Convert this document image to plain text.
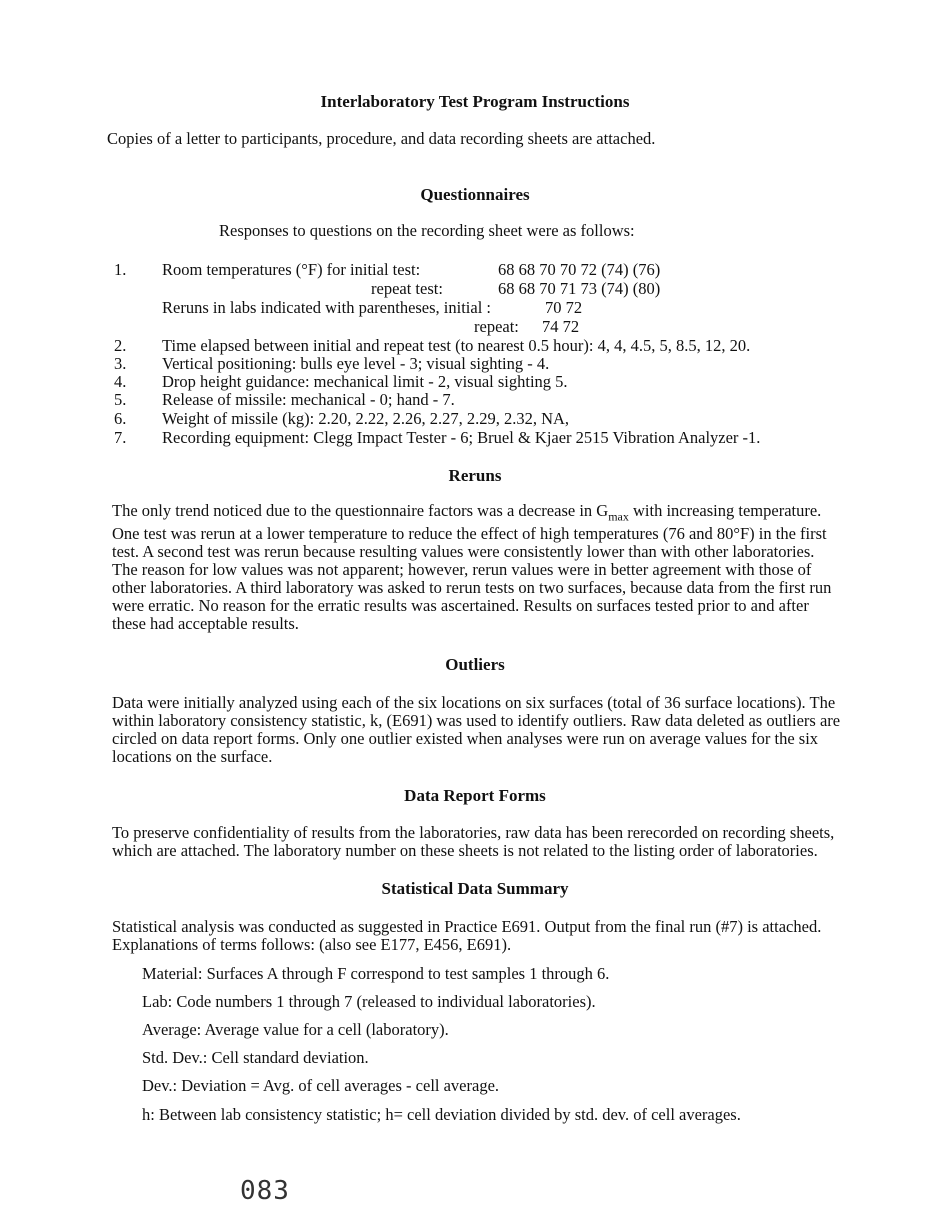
Interlaboratory Test Program Instructions
Copies of a letter to participants, procedure, and data recording sheets are attached.
Questionnaires
Responses to questions on the recording sheet were as follows:
1. Room temperatures (°F) for initial test:	68 68 70 70 72 (74) (76)
repeat test:	68 68 70 71 73 (74) (80)
Reruns in labs indicated with parentheses, initial :	70 72
repeat: 74 72
2. Time elapsed between initial and repeat test (to nearest 0.5 hour): 4, 4, 4.5, 5, 8.5, 12, 20.
3. Vertical positioning: bulls eye level - 3; visual sighting - 4.
4. Drop height guidance: mechanical limit - 2, visual sighting 5.
5. Release of missile: mechanical - 0; hand - 7.
6. Weight of missile (kg): 2.20, 2.22, 2.26, 2.27, 2.29, 2.32, NA,
7. Recording equipment: Clegg Impact Tester - 6; Bruel & Kjaer 2515 Vibration Analyzer -1.
Reruns
The only trend noticed due to the questionnaire factors was a decrease in $G_{max}$ with increasing temperature. One test was rerun at a lower temperature to reduce the effect of high temperatures (76 and 80°F) in the first test. A second test was rerun because resulting values were consistently lower than with other laboratories. The reason for low values was not apparent; however, rerun values were in better agreement with those of other laboratories. A third laboratory was asked to rerun tests on two surfaces, because data from the first run were erratic. No reason for the erratic results was ascertained. Results on surfaces tested prior to and after these had acceptable results.
Outliers
Data were initially analyzed using each of the six locations on six surfaces (total of 36 surface locations). The within laboratory consistency statistic, k, (E691) was used to identify outliers. Raw data deleted as outliers are circled on data report forms. Only one outlier existed when analyses were run on average values for the six locations on the surface.
Data Report Forms
To preserve confidentiality of results from the laboratories, raw data has been rerecorded on recording sheets, which are attached. The laboratory number on these sheets is not related to the listing order of laboratories.
Statistical Data Summary
Statistical analysis was conducted as suggested in Practice E691. Output from the final run (#7) is attached. Explanations of terms follows: (also see E177, E456, E691).
Material: Surfaces A through F correspond to test samples 1 through 6.
Lab: Code numbers 1 through 7 (released to individual laboratories).
Average: Average value for a cell (laboratory).
Std. Dev.: Cell standard deviation.
Dev.: Deviation = Avg. of cell averages - cell average.
h: Between lab consistency statistic; h= cell deviation divided by std. dev. of cell averages.
083
